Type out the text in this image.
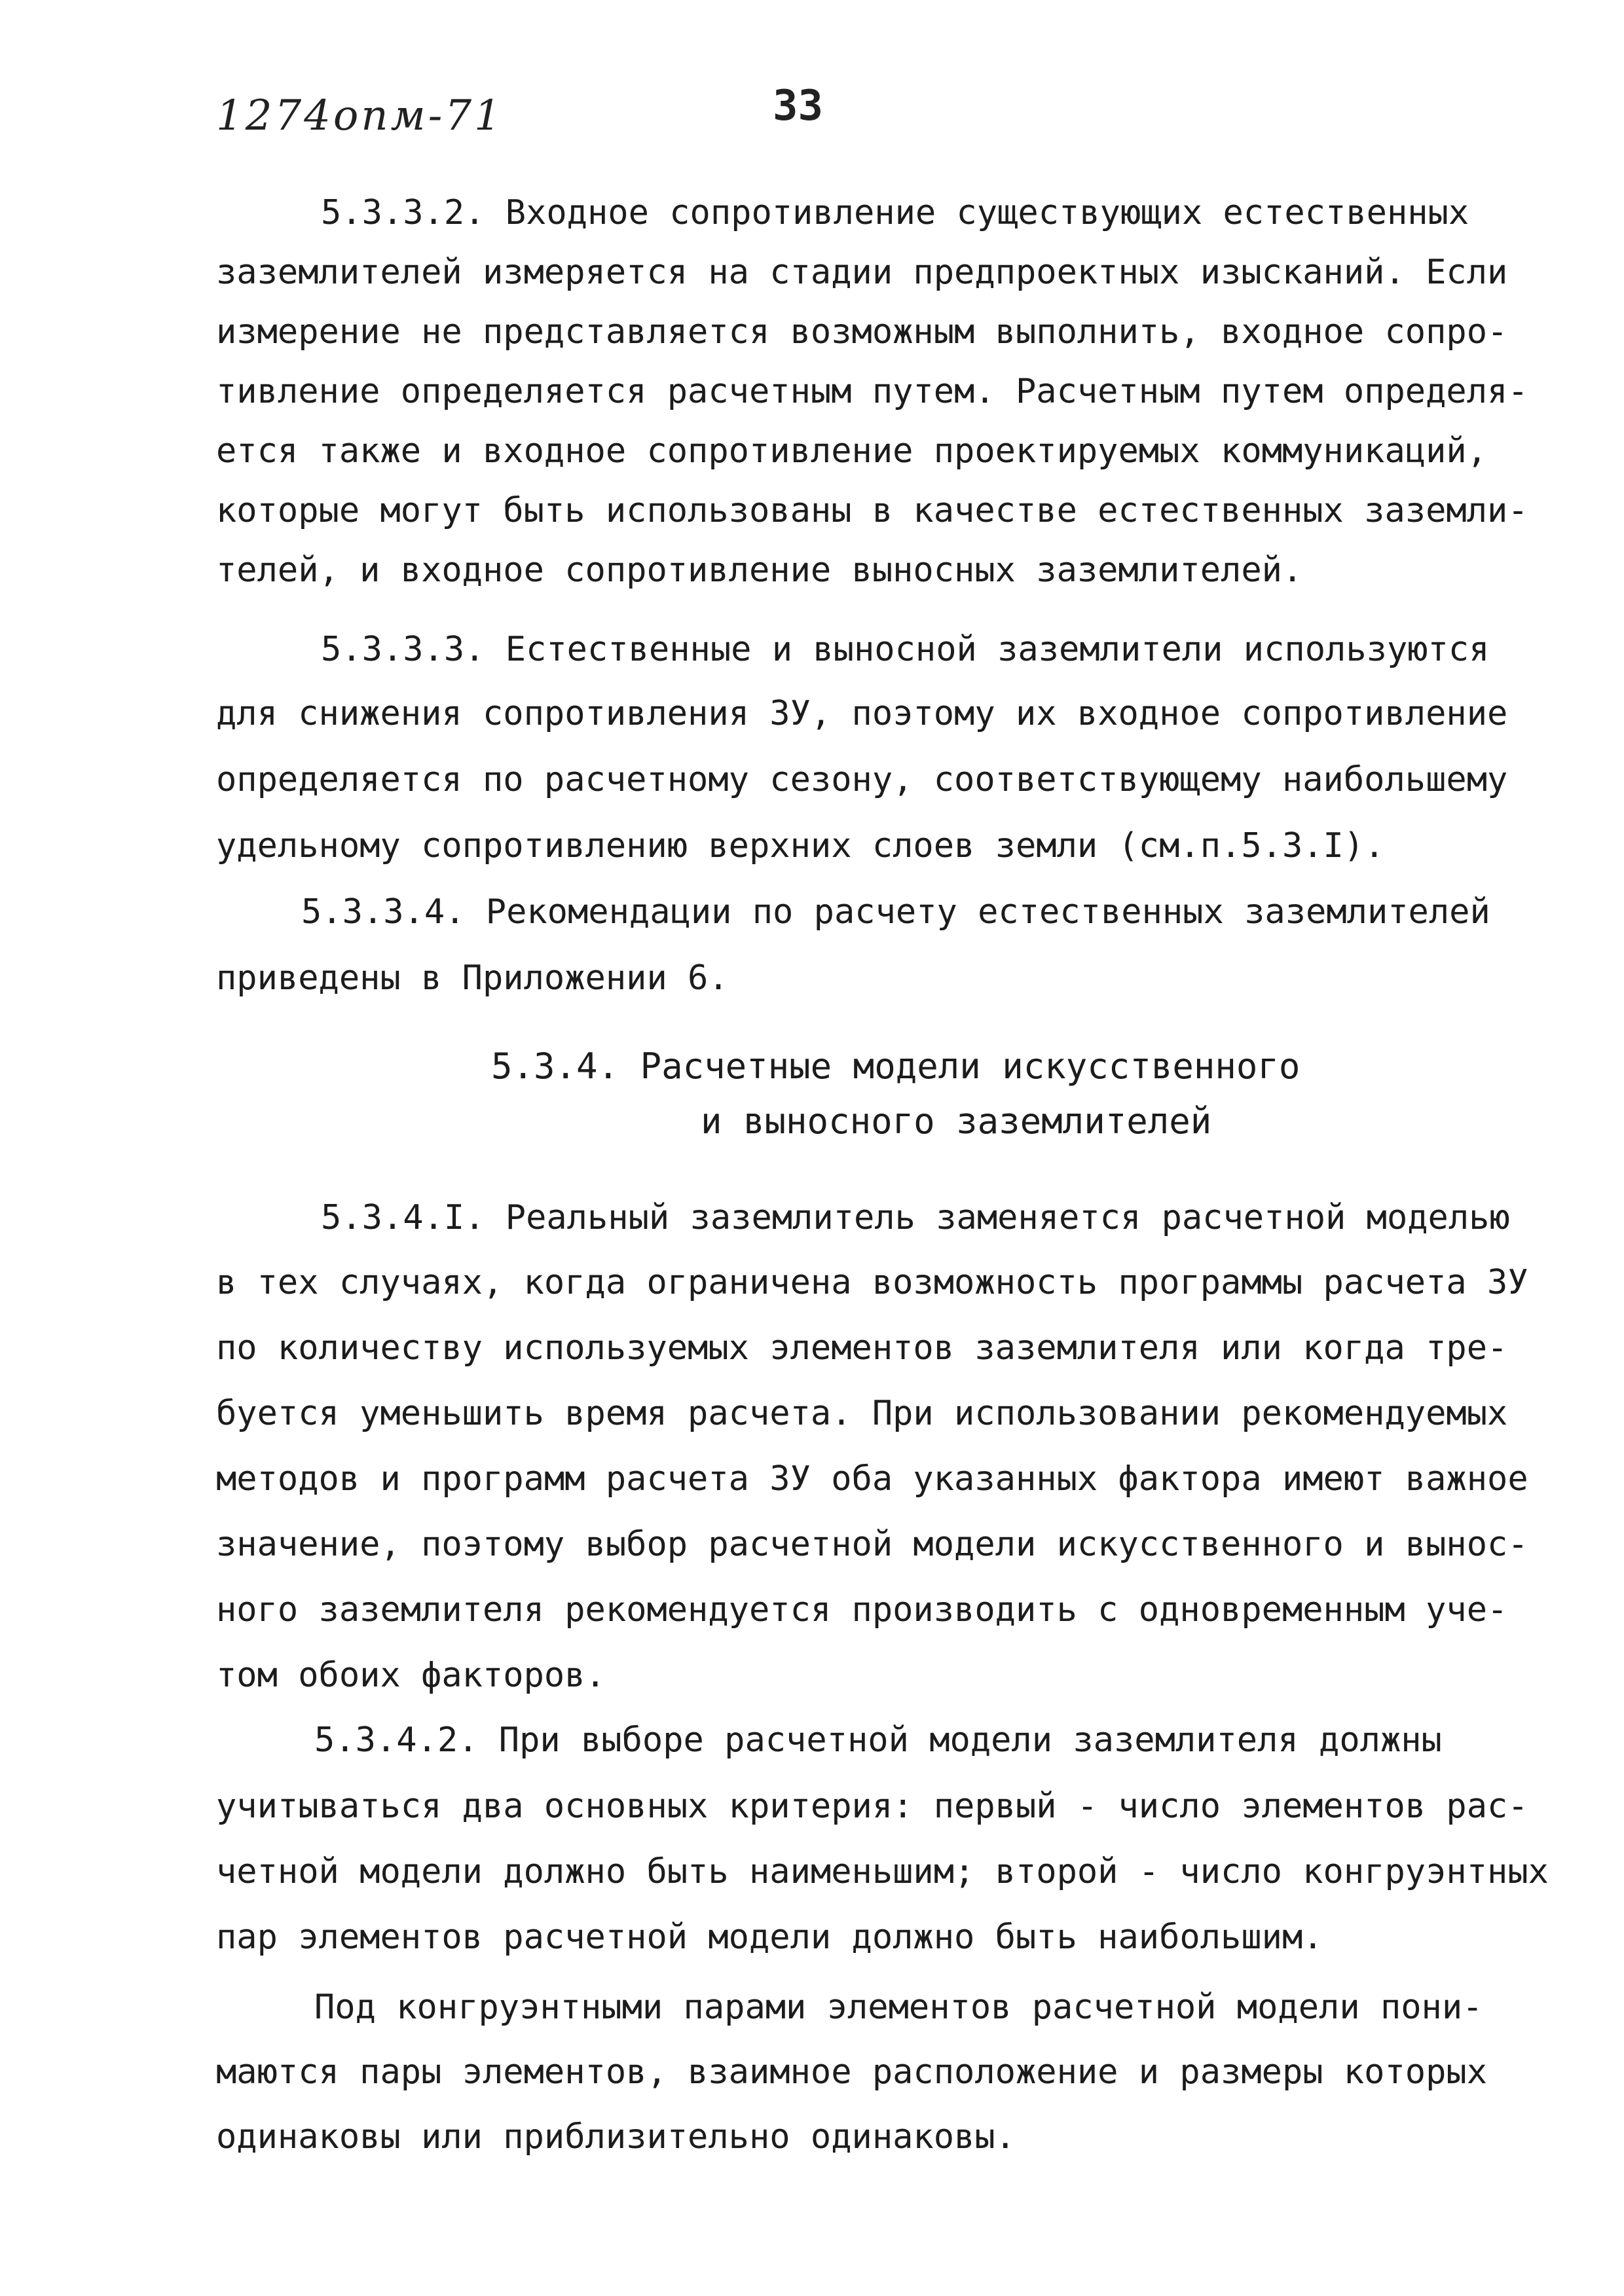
1274опм-71	33
5.3.3.2. Входное сопротивление существующих естественных
заземлителей измеряется на стадии предпроектных изысканий. Если
измерение не представляется возможным выполнить, входное сопро-
тивление определяется расчетным путем. Расчетным путем определя-
ется также и входное сопротивление проектируемых коммуникаций,
которые могут быть использованы в качестве естественных заземли-
телей, и входное сопротивление выносных заземлителей.
5.3.3.3. Естественные и выносной заземлители используются
для снижения сопротивления ЗУ, поэтому их входное сопротивление
определяется по расчетному сезону, соответствующему наибольшему
удельному сопротивлению верхних слоев земли (см.п.5.3.I).
5.3.3.4. Рекомендации по расчету естественных заземлителей
приведены в Приложении 6.
5.3.4. Расчетные модели искусственного
и выносного заземлителей
5.3.4.I. Реальный заземлитель заменяется расчетной моделью
в тех случаях, когда ограничена возможность программы расчета ЗУ
по количеству используемых элементов заземлителя или когда тре-
буется уменьшить время расчета. При использовании рекомендуемых
методов и программ расчета ЗУ оба указанных фактора имеют важное
значение, поэтому выбор расчетной модели искусственного и вынос-
ного заземлителя рекомендуется производить с одновременным уче-
том обоих факторов.
5.3.4.2. При выборе расчетной модели заземлителя должны
учитываться два основных критерия: первый - число элементов рас-
четной модели должно быть наименьшим; второй - число конгруэнтных
пар элементов расчетной модели должно быть наибольшим.
Под конгруэнтными парами элементов расчетной модели пони-
маются пары элементов, взаимное расположение и размеры которых
одинаковы или приблизительно одинаковы.
